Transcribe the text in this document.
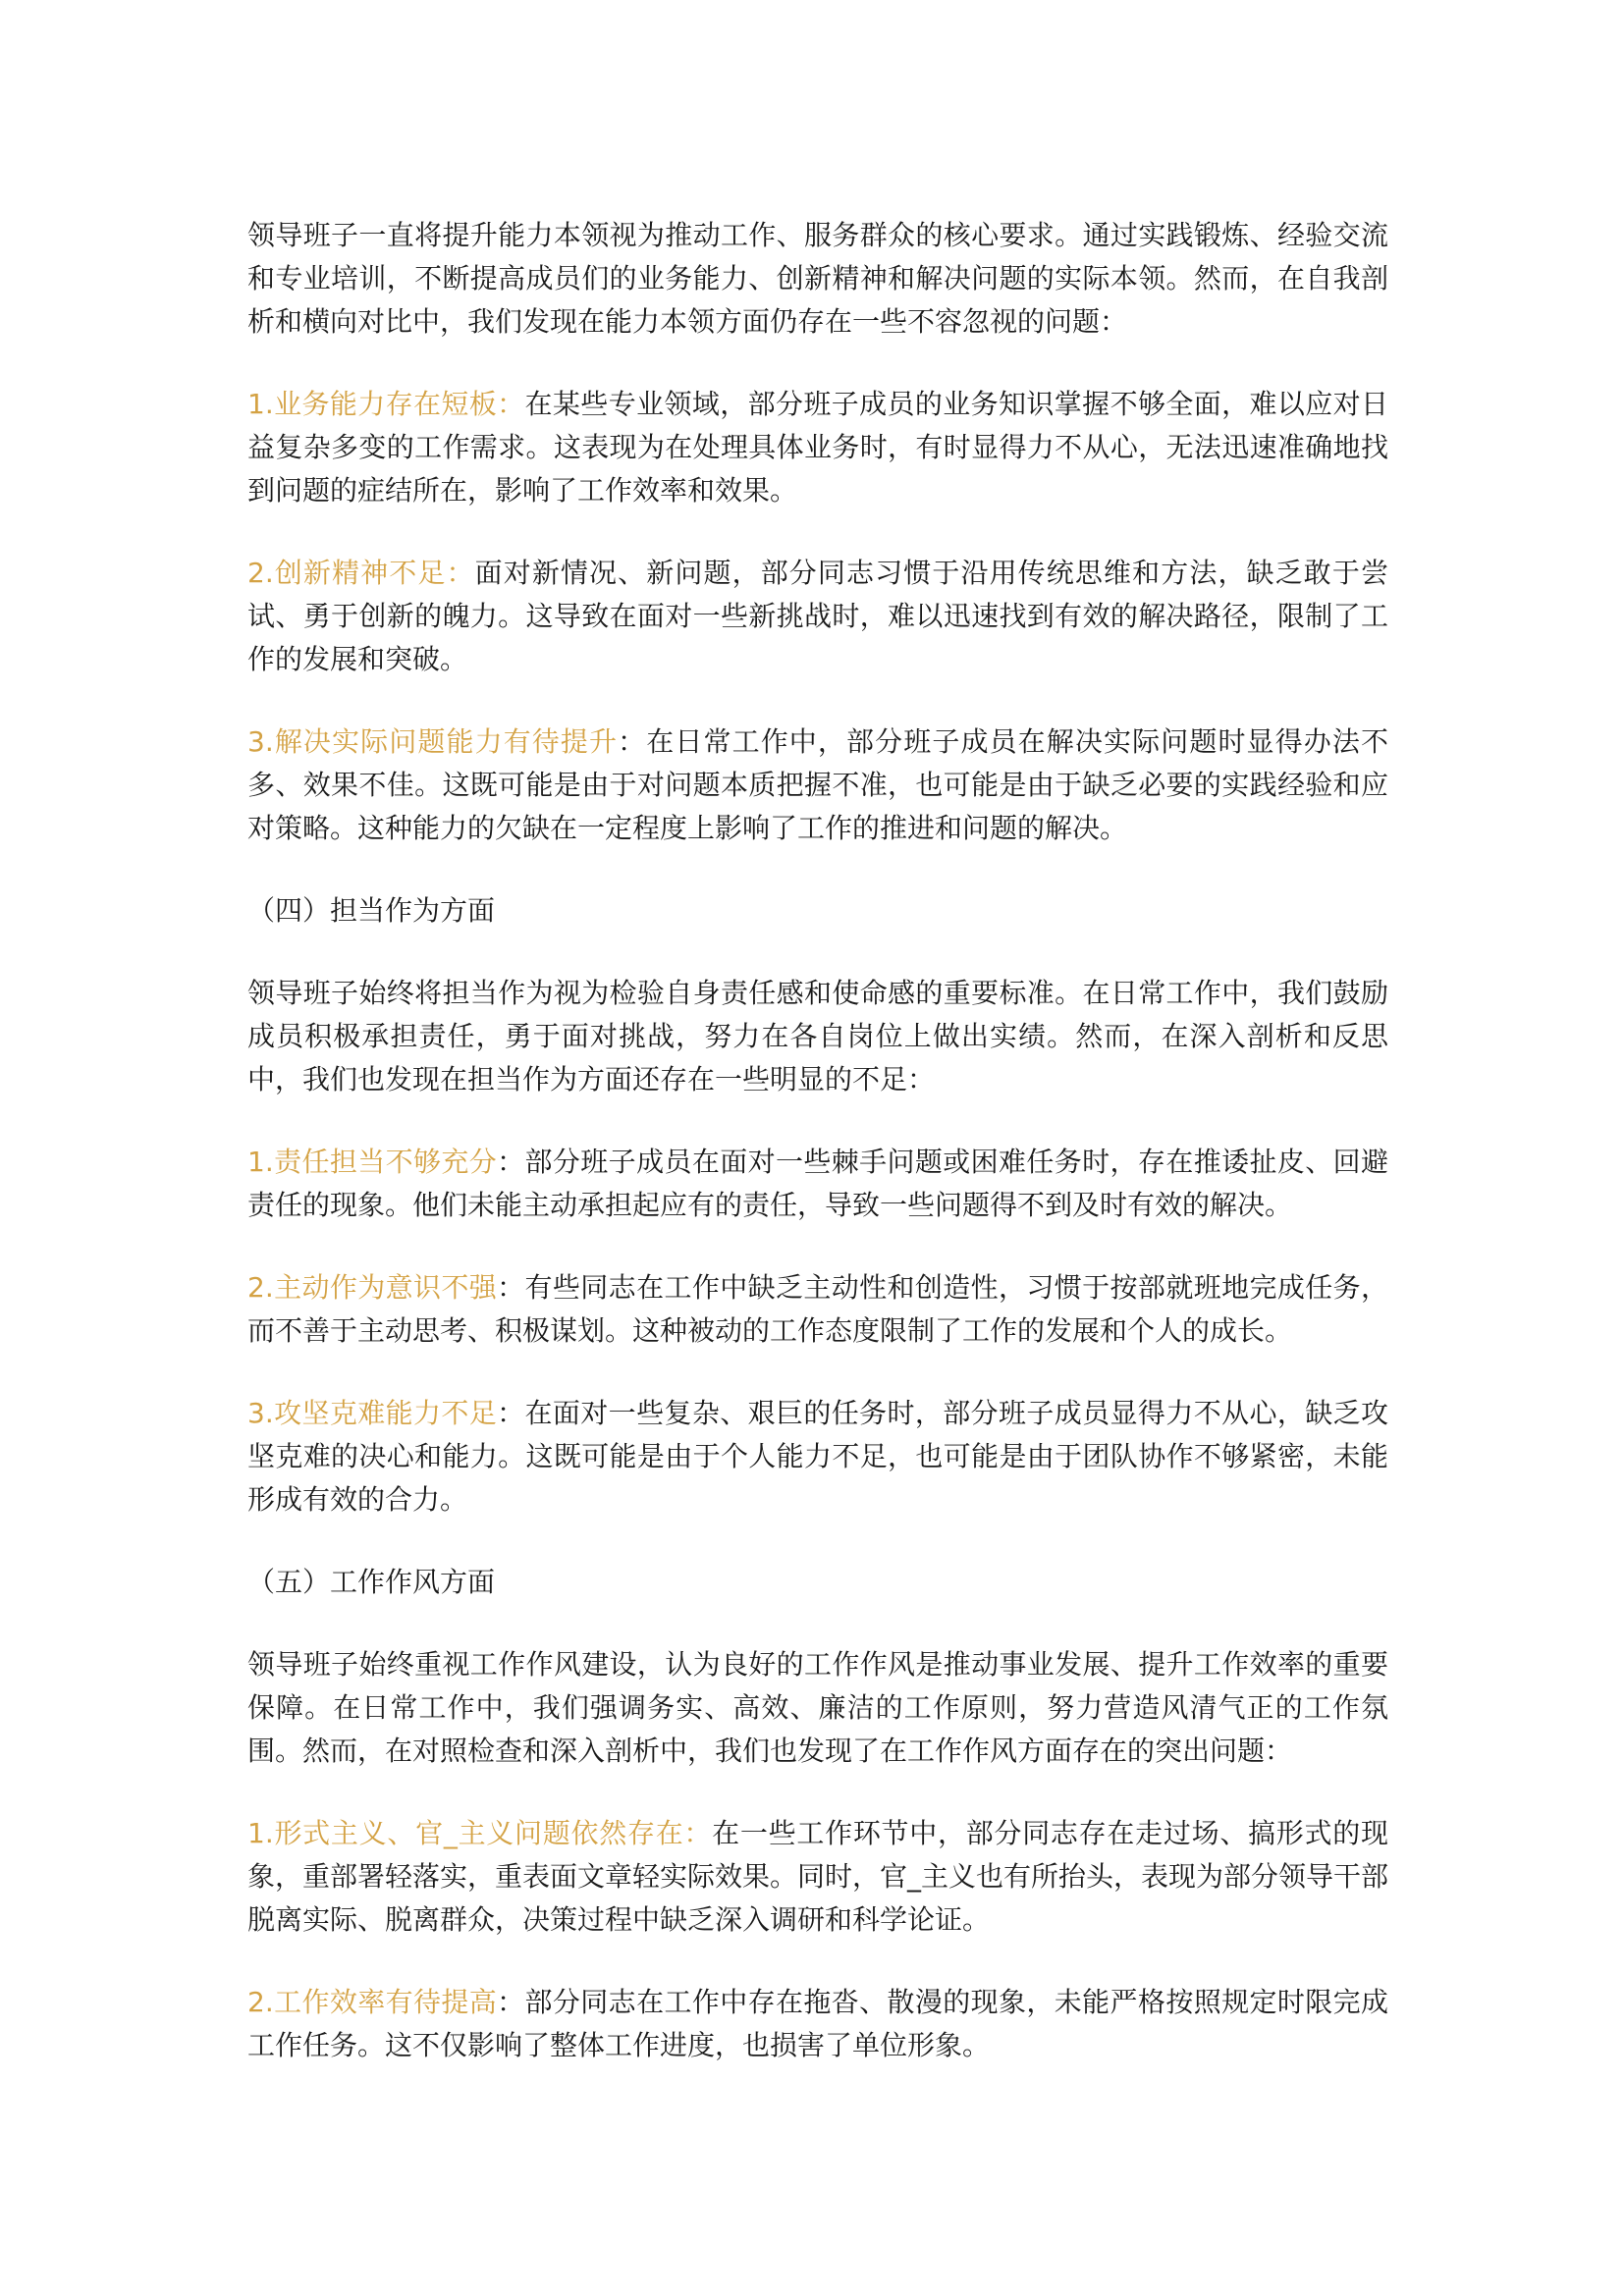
领导班子一直将提升能力本领视为推动工作、服务群众的核心要求。通过实践锻炼、经验交流和专业培训，不断提高成员们的业务能力、创新精神和解决问题的实际本领。然而，在自我剖析和横向对比中，我们发现在能力本领方面仍存在一些不容忽视的问题：

1.业务能力存在短板：在某些专业领域，部分班子成员的业务知识掌握不够全面，难以应对日益复杂多变的工作需求。这表现为在处理具体业务时，有时显得力不从心，无法迅速准确地找到问题的症结所在，影响了工作效率和效果。

2.创新精神不足：面对新情况、新问题，部分同志习惯于沿用传统思维和方法，缺乏敢于尝试、勇于创新的魄力。这导致在面对一些新挑战时，难以迅速找到有效的解决路径，限制了工作的发展和突破。

3.解决实际问题能力有待提升：在日常工作中，部分班子成员在解决实际问题时显得办法不多、效果不佳。这既可能是由于对问题本质把握不准，也可能是由于缺乏必要的实践经验和应对策略。这种能力的欠缺在一定程度上影响了工作的推进和问题的解决。

（四）担当作为方面

领导班子始终将担当作为视为检验自身责任感和使命感的重要标准。在日常工作中，我们鼓励成员积极承担责任，勇于面对挑战，努力在各自岗位上做出实绩。然而，在深入剖析和反思中，我们也发现在担当作为方面还存在一些明显的不足：

1.责任担当不够充分：部分班子成员在面对一些棘手问题或困难任务时，存在推诿扯皮、回避责任的现象。他们未能主动承担起应有的责任，导致一些问题得不到及时有效的解决。

2.主动作为意识不强：有些同志在工作中缺乏主动性和创造性，习惯于按部就班地完成任务，而不善于主动思考、积极谋划。这种被动的工作态度限制了工作的发展和个人的成长。

3.攻坚克难能力不足：在面对一些复杂、艰巨的任务时，部分班子成员显得力不从心，缺乏攻坚克难的决心和能力。这既可能是由于个人能力不足，也可能是由于团队协作不够紧密，未能形成有效的合力。

（五）工作作风方面

领导班子始终重视工作作风建设，认为良好的工作作风是推动事业发展、提升工作效率的重要保障。在日常工作中，我们强调务实、高效、廉洁的工作原则，努力营造风清气正的工作氛围。然而，在对照检查和深入剖析中，我们也发现了在工作作风方面存在的突出问题：

1.形式主义、官_主义问题依然存在：在一些工作环节中，部分同志存在走过场、搞形式的现象，重部署轻落实，重表面文章轻实际效果。同时，官_主义也有所抬头，表现为部分领导干部脱离实际、脱离群众，决策过程中缺乏深入调研和科学论证。

2.工作效率有待提高：部分同志在工作中存在拖沓、散漫的现象，未能严格按照规定时限完成工作任务。这不仅影响了整体工作进度，也损害了单位形象。
